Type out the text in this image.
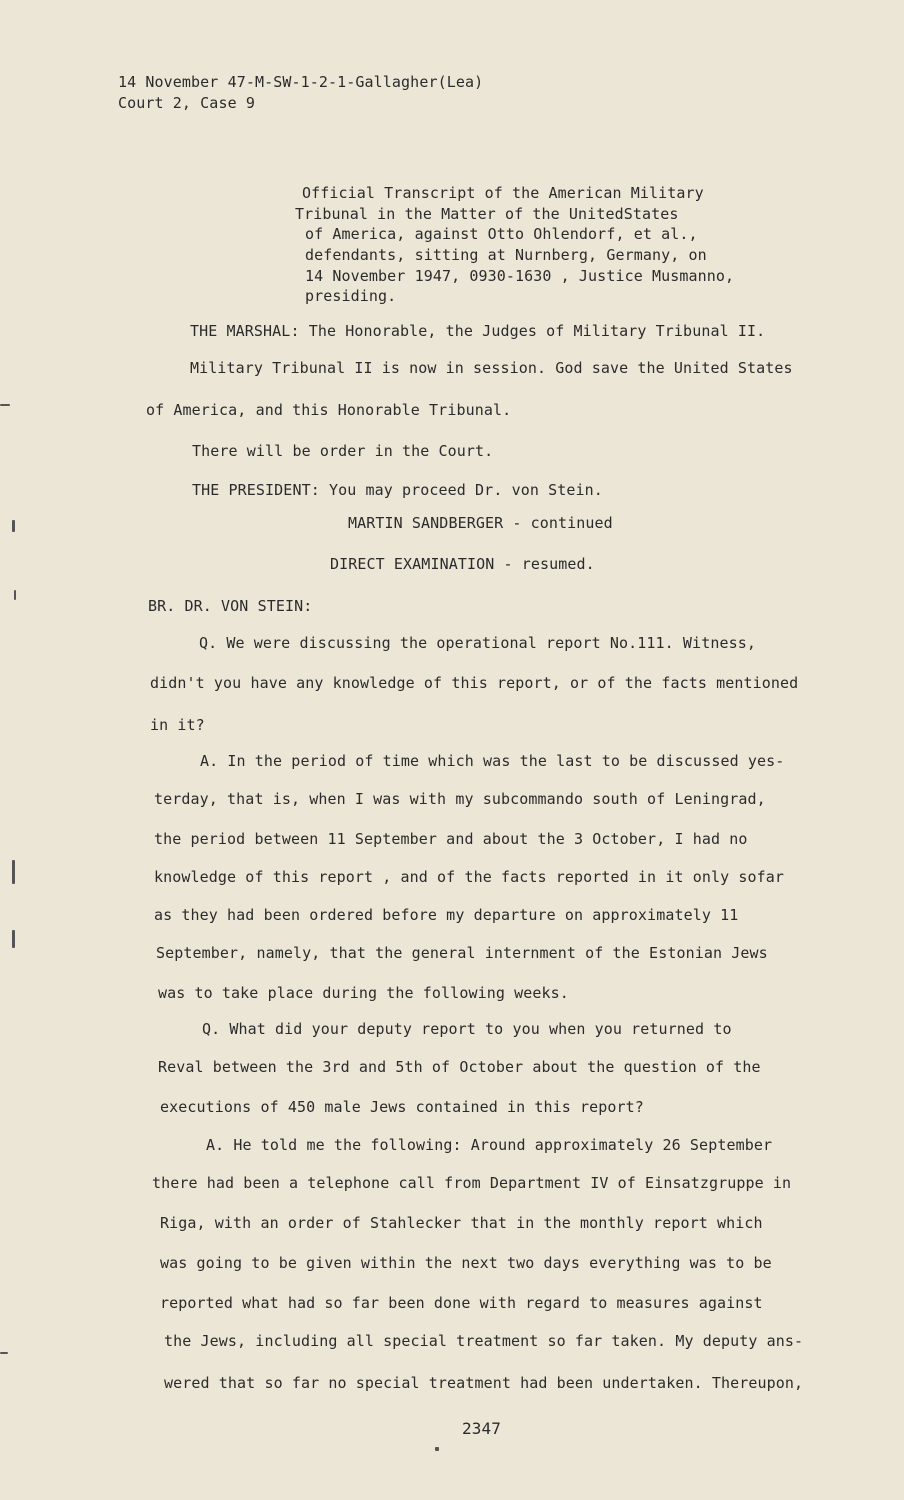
14 November 47-M-SW-1-2-1-Gallagher(Lea)
Court 2, Case 9
Official Transcript of the American Military
Tribunal in the Matter of the UnitedStates
of America, against Otto Ohlendorf, et al.,
defendants, sitting at Nurnberg, Germany, on
14 November 1947, 0930-1630 , Justice Musmanno,
presiding.
THE MARSHAL: The Honorable, the Judges of Military Tribunal II.
Military Tribunal II is now in session. God save the United States
of America, and this Honorable Tribunal.
There will be order in the Court.
THE PRESIDENT: You may proceed Dr. von Stein.
MARTIN SANDBERGER - continued
DIRECT EXAMINATION - resumed.
BR. DR. VON STEIN:
Q. We were discussing the operational report No.111. Witness,
didn't you have any knowledge of this report, or of the facts mentioned
in it?
A. In the period of time which was the last to be discussed yes-
terday, that is, when I was with my subcommando south of Leningrad,
the period between 11 September and about the 3 October, I had no
knowledge of this report , and of the facts reported in it only sofar
as they had been ordered before my departure on approximately 11
September, namely, that the general internment of the Estonian Jews
was to take place during the following weeks.
Q. What did your deputy report to you when you returned to
Reval between the 3rd and 5th of October about the question of the
executions of 450 male Jews contained in this report?
A. He told me the following: Around approximately 26 September
there had been a telephone call from Department IV of Einsatzgruppe in
Riga, with an order of Stahlecker that in the monthly report which
was going to be given within the next two days everything was to be
reported what had so far been done with regard to measures against
the Jews, including all special treatment so far taken. My deputy ans-
wered that so far no special treatment had been undertaken. Thereupon,
2347
